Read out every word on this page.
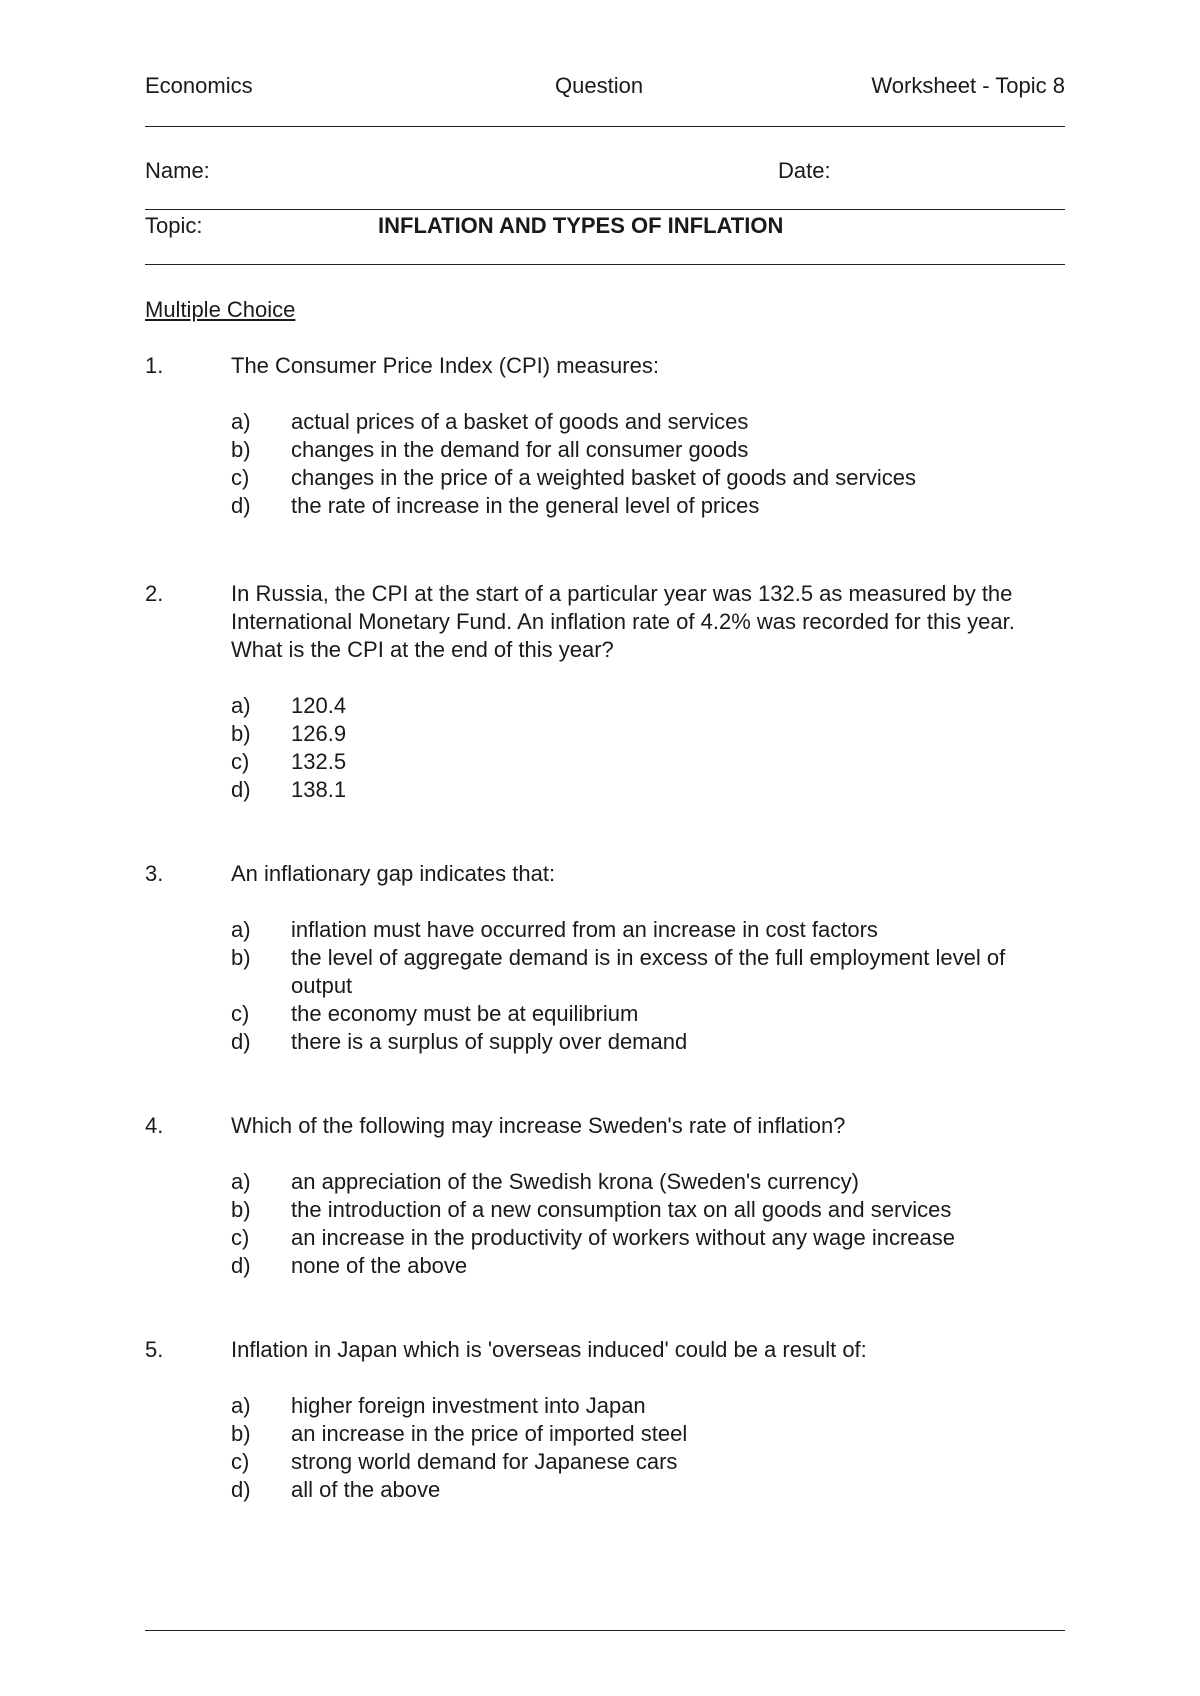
Economics	Question	Worksheet - Topic 8
Name:	Date:
Topic:	INFLATION AND TYPES OF INFLATION
Multiple Choice
1.	The Consumer Price Index (CPI) measures:
a) actual prices of a basket of goods and services
b) changes in the demand for all consumer goods
c) changes in the price of a weighted basket of goods and services
d) the rate of increase in the general level of prices
2.	In Russia, the CPI at the start of a particular year was 132.5 as measured by the International Monetary Fund. An inflation rate of 4.2% was recorded for this year. What is the CPI at the end of this year?
a) 120.4
b) 126.9
c) 132.5
d) 138.1
3.	An inflationary gap indicates that:
a) inflation must have occurred from an increase in cost factors
b) the level of aggregate demand is in excess of the full employment level of output
c) the economy must be at equilibrium
d) there is a surplus of supply over demand
4.	Which of the following may increase Sweden's rate of inflation?
a) an appreciation of the Swedish krona (Sweden's currency)
b) the introduction of a new consumption tax on all goods and services
c) an increase in the productivity of workers without any wage increase
d) none of the above
5.	Inflation in Japan which is 'overseas induced' could be a result of:
a) higher foreign investment into Japan
b) an increase in the price of imported steel
c) strong world demand for Japanese cars
d) all of the above
